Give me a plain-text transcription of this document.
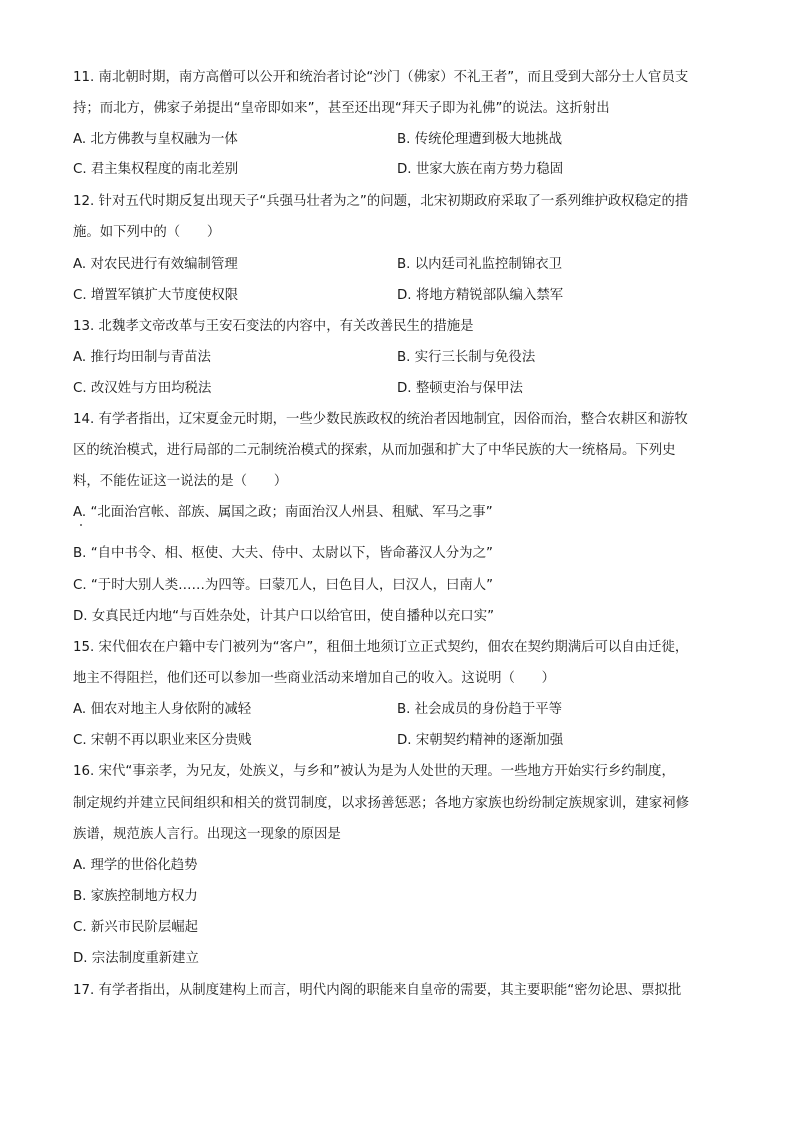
11. 南北朝时期，南方高僧可以公开和统治者讨论“沙门（佛家）不礼王者”，而且受到大部分士人官员支
持；而北方，佛家子弟提出“皇帝即如来”，甚至还出现“拜天子即为礼佛”的说法。这折射出
A. 北方佛教与皇权融为一体	B. 传统伦理遭到极大地挑战
C. 君主集权程度的南北差别	D. 世家大族在南方势力稳固
12. 针对五代时期反复出现天子“兵强马壮者为之”的问题，北宋初期政府采取了一系列维护政权稳定的措
施。如下列中的（　　）
A. 对农民进行有效编制管理	B. 以内廷司礼监控制锦衣卫
C. 增置军镇扩大节度使权限	D. 将地方精锐部队编入禁军
13. 北魏孝文帝改革与王安石变法的内容中，有关改善民生的措施是
A. 推行均田制与青苗法	B. 实行三长制与免役法
C. 改汉姓与方田均税法	D. 整顿吏治与保甲法
14. 有学者指出，辽宋夏金元时期，一些少数民族政权的统治者因地制宜，因俗而治，整合农耕区和游牧
区的统治模式，进行局部的二元制统治模式的探索，从而加强和扩大了中华民族的大一统格局。下列史
料，不能佐证这一说法的是（　　）
A. “北面治宫帐、部族、属国之政；南面治汉人州县、租赋、军马之事”
B. “自中书令、相、枢使、大夫、侍中、太尉以下，皆命蕃汉人分为之”
C. “于时大别人类……为四等。曰蒙兀人，曰色目人，曰汉人，曰南人”
D. 女真民迁内地“与百姓杂处，计其户口以给官田，使自播种以充口实”
15. 宋代佃农在户籍中专门被列为“客户”，租佃土地须订立正式契约，佃农在契约期满后可以自由迁徙，
地主不得阻拦，他们还可以参加一些商业活动来增加自己的收入。这说明（　　）
A. 佃农对地主人身依附的减轻	B. 社会成员的身份趋于平等
C. 宋朝不再以职业来区分贵贱	D. 宋朝契约精神的逐渐加强
16. 宋代“事亲孝，为兄友，处族义，与乡和”被认为是为人处世的天理。一些地方开始实行乡约制度，
制定规约并建立民间组织和相关的赏罚制度，以求扬善惩恶；各地方家族也纷纷制定族规家训，建家祠修
族谱，规范族人言行。出现这一现象的原因是
A. 理学的世俗化趋势
B. 家族控制地方权力
C. 新兴市民阶层崛起
D. 宗法制度重新建立
17. 有学者指出，从制度建构上而言，明代内阁的职能来自皇帝的需要，其主要职能“密勿论思、票拟批
